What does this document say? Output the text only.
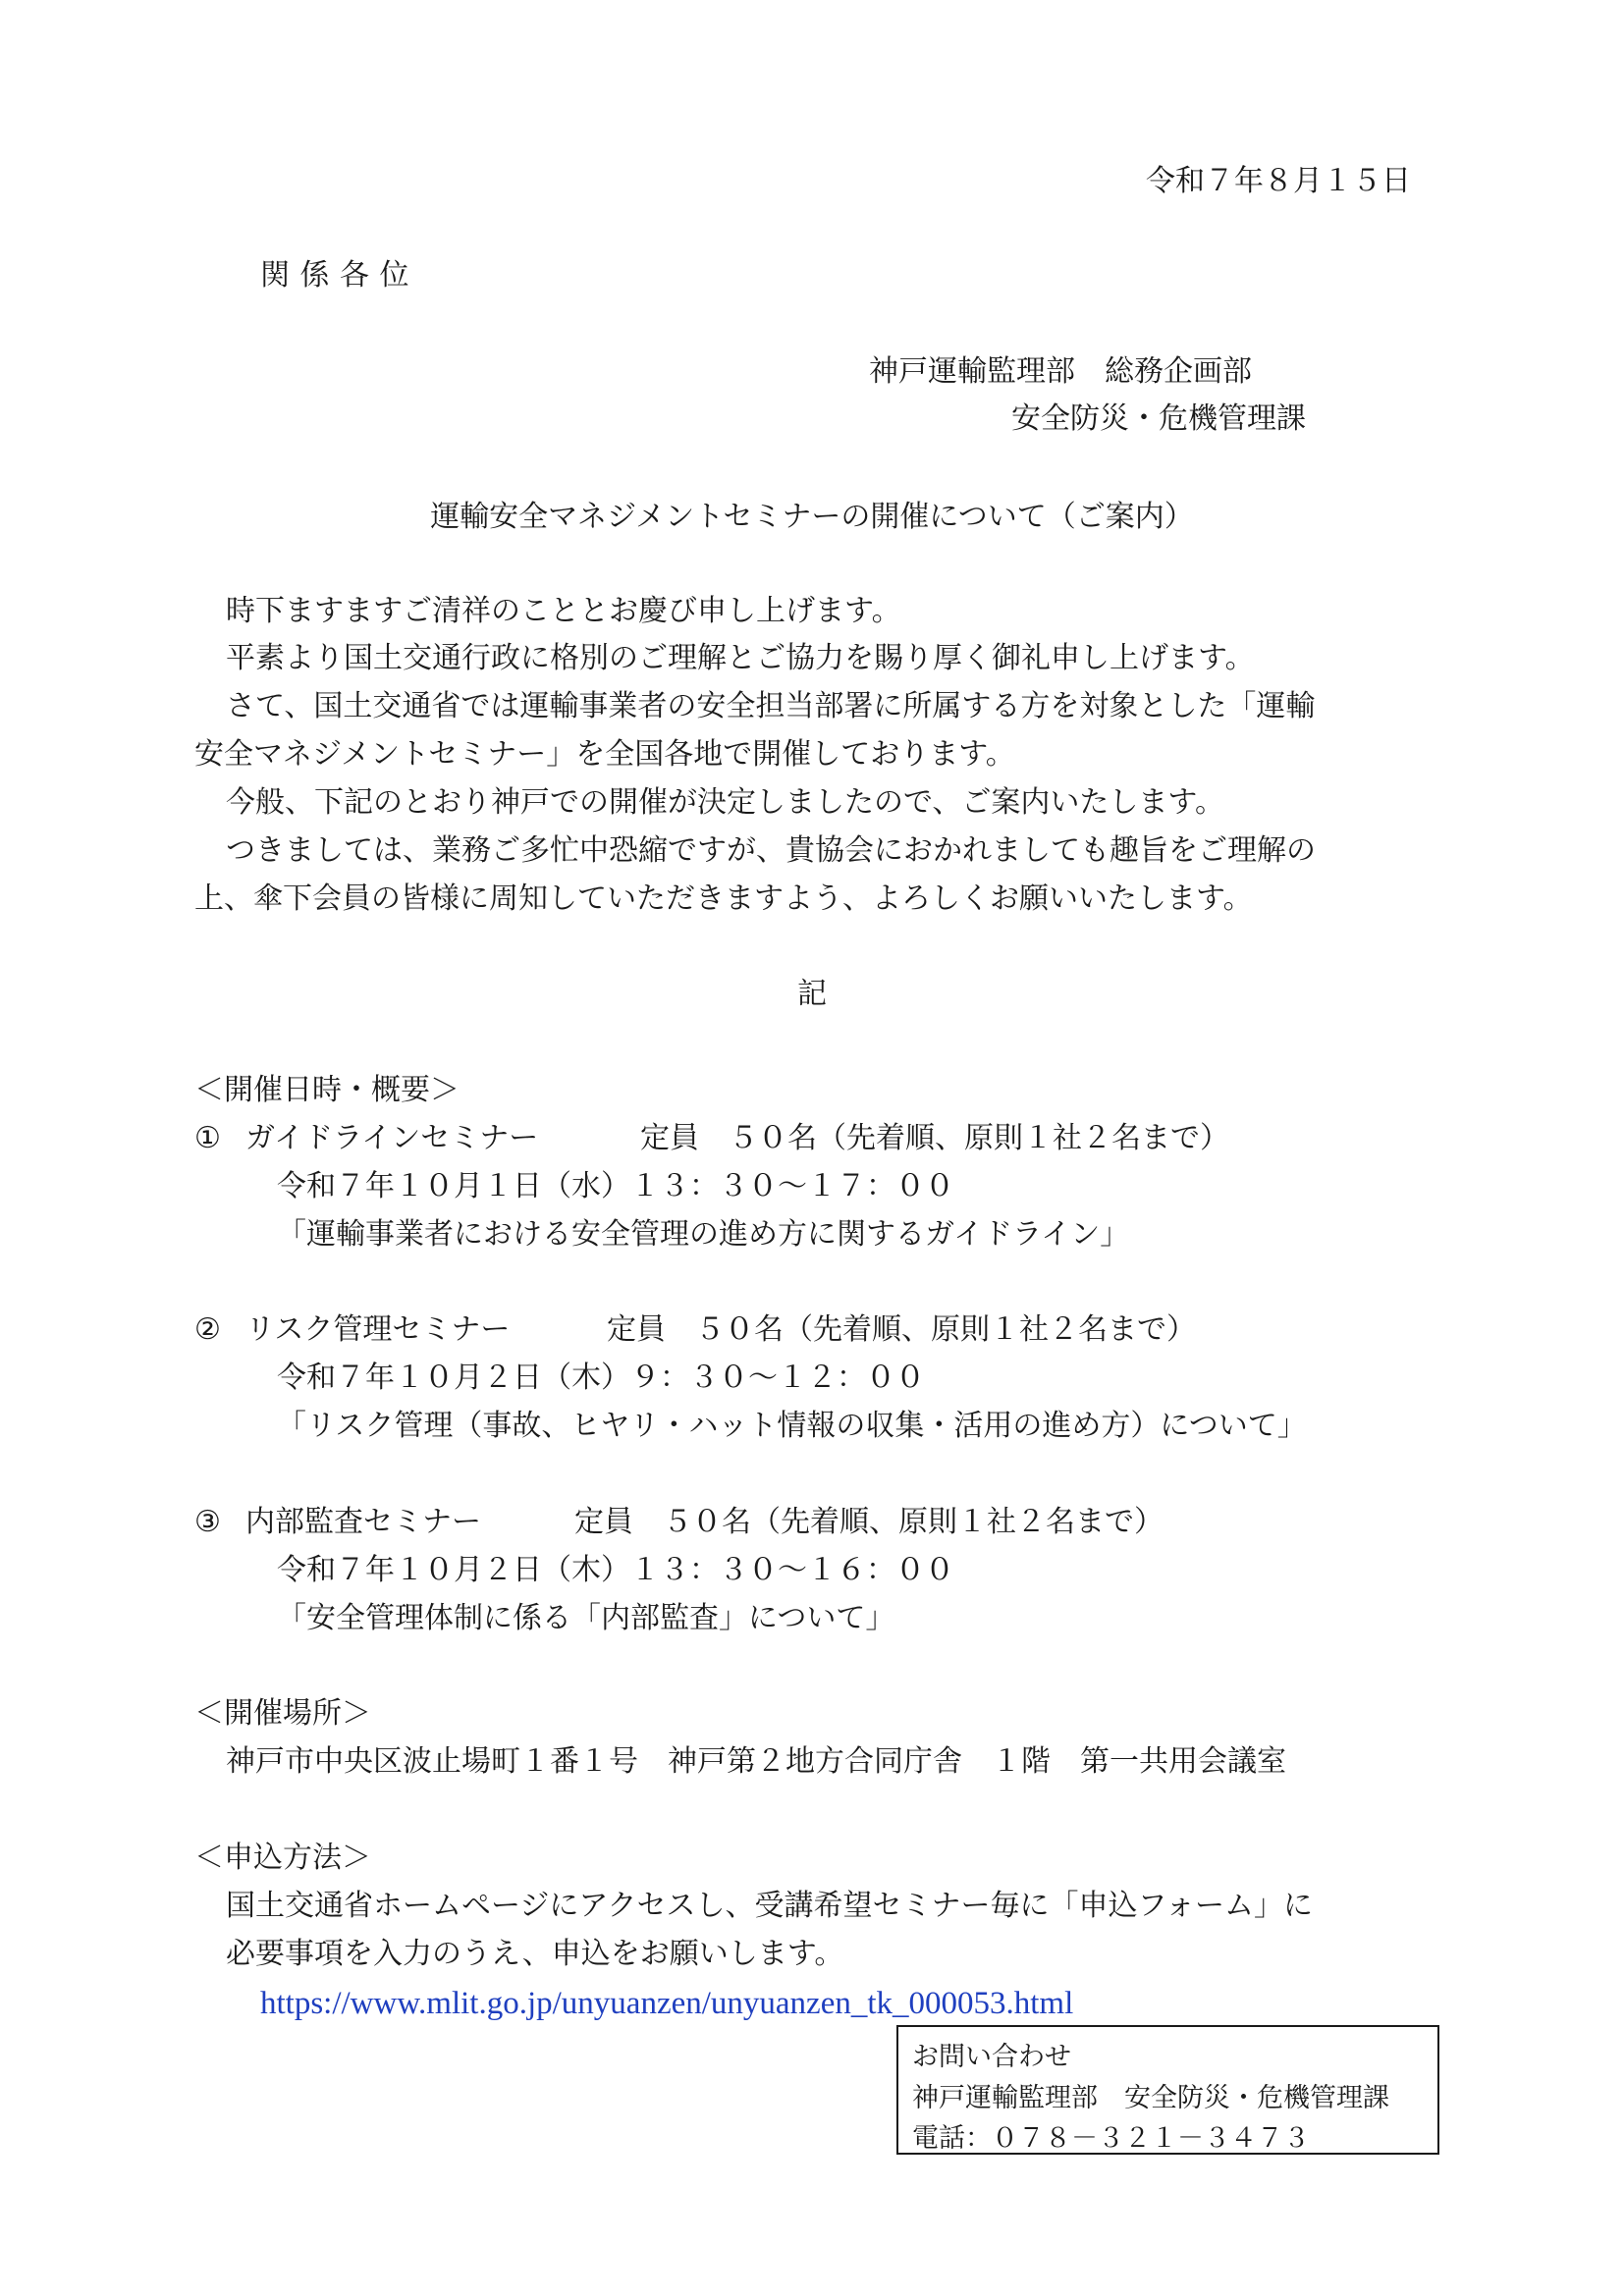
令和７年８月１５日
関係各位
神戸運輸監理部　総務企画部
安全防災・危機管理課
運輸安全マネジメントセミナーの開催について（ご案内）
時下ますますご清祥のこととお慶び申し上げます。
平素より国土交通行政に格別のご理解とご協力を賜り厚く御礼申し上げます。
さて、国土交通省では運輸事業者の安全担当部署に所属する方を対象とした「運輸
安全マネジメントセミナー」を全国各地で開催しております。
今般、下記のとおり神戸での開催が決定しましたので、ご案内いたします。
つきましては、業務ご多忙中恐縮ですが、貴協会におかれましても趣旨をご理解の
上、傘下会員の皆様に周知していただきますよう、よろしくお願いいたします。
記
＜開催日時・概要＞
① ガイドラインセミナー	定員　５０名（先着順、原則１社２名まで）
令和７年１０月１日（水）１３：３０～１７：００
「運輸事業者における安全管理の進め方に関するガイドライン」
② リスク管理セミナー	定員　５０名（先着順、原則１社２名まで）
令和７年１０月２日（木）９：３０～１２：００
「リスク管理（事故、ヒヤリ・ハット情報の収集・活用の進め方）について」
③ 内部監査セミナー	定員　５０名（先着順、原則１社２名まで）
令和７年１０月２日（木）１３：３０～１６：００
「安全管理体制に係る「内部監査」について」
＜開催場所＞
神戸市中央区波止場町１番１号　神戸第２地方合同庁舎　１階　第一共用会議室
＜申込方法＞
国土交通省ホームページにアクセスし、受講希望セミナー毎に「申込フォーム」に
必要事項を入力のうえ、申込をお願いします。
https://www.mlit.go.jp/unyuanzen/unyuanzen_tk_000053.html
お問い合わせ
神戸運輸監理部　安全防災・危機管理課
電話：０７８－３２１－３４７３
